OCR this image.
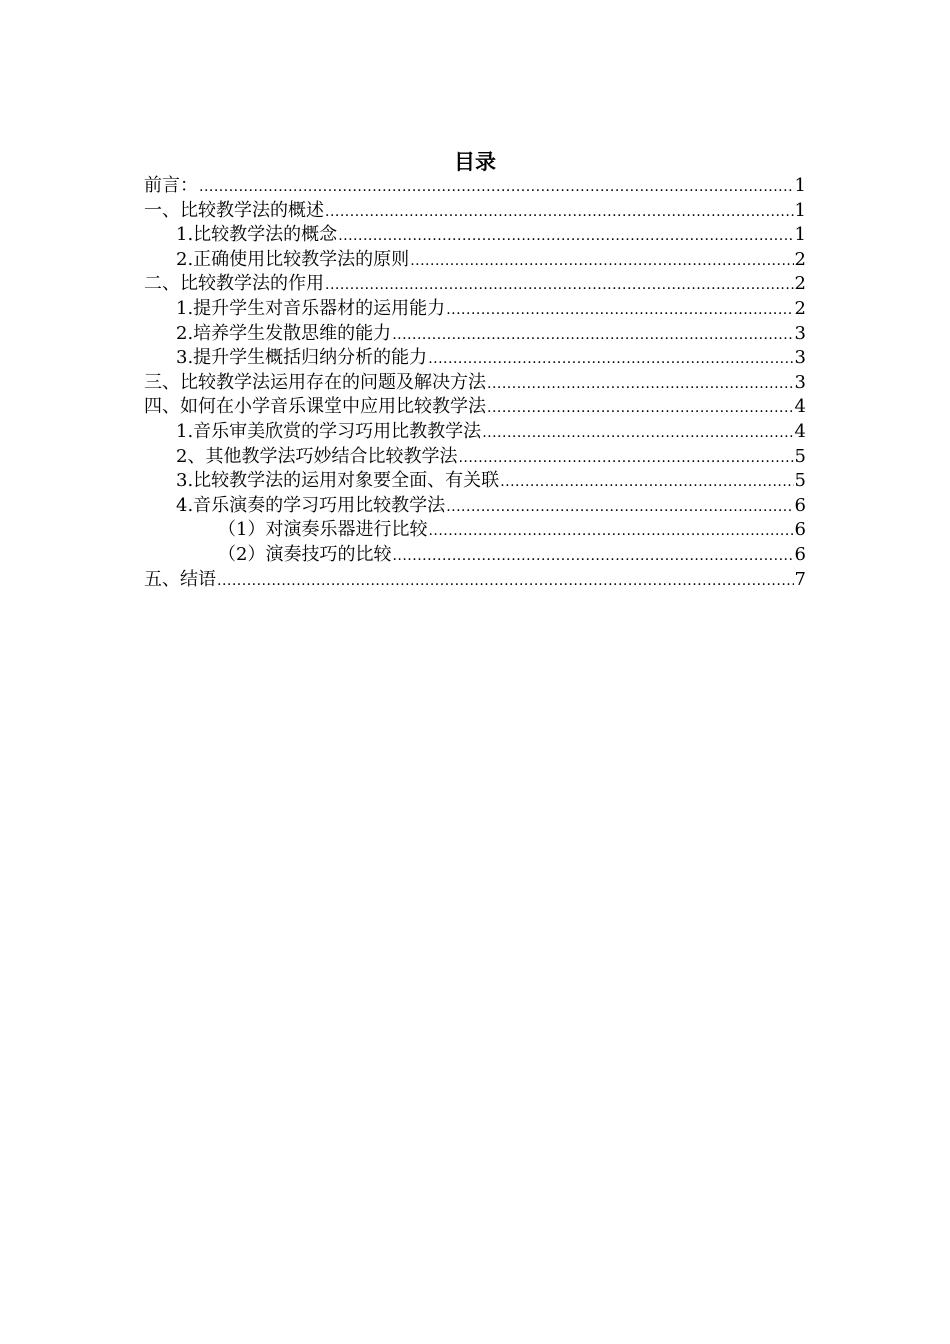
目录
前言： .....	1
一、比较教学法的概述 .....	1
1.比较教学法的概念 .....	1
2.正确使用比较教学法的原则 .....	2
二、比较教学法的作用 .....	2
1.提升学生对音乐器材的运用能力 .....	2
2.培养学生发散思维的能力 .....	3
3.提升学生概括归纳分析的能力 .....	3
三、比较教学法运用存在的问题及解决方法 .....	3
四、如何在小学音乐课堂中应用比较教学法 .....	4
1.音乐审美欣赏的学习巧用比教教学法 .....	4
2、其他教学法巧妙结合比较教学法 .....	5
3.比较教学法的运用对象要全面、有关联 .....	5
4.音乐演奏的学习巧用比较教学法 .....	6
（1）对演奏乐器进行比较 .....	6
（2）演奏技巧的比较 .....	6
五、结语 .....	7
